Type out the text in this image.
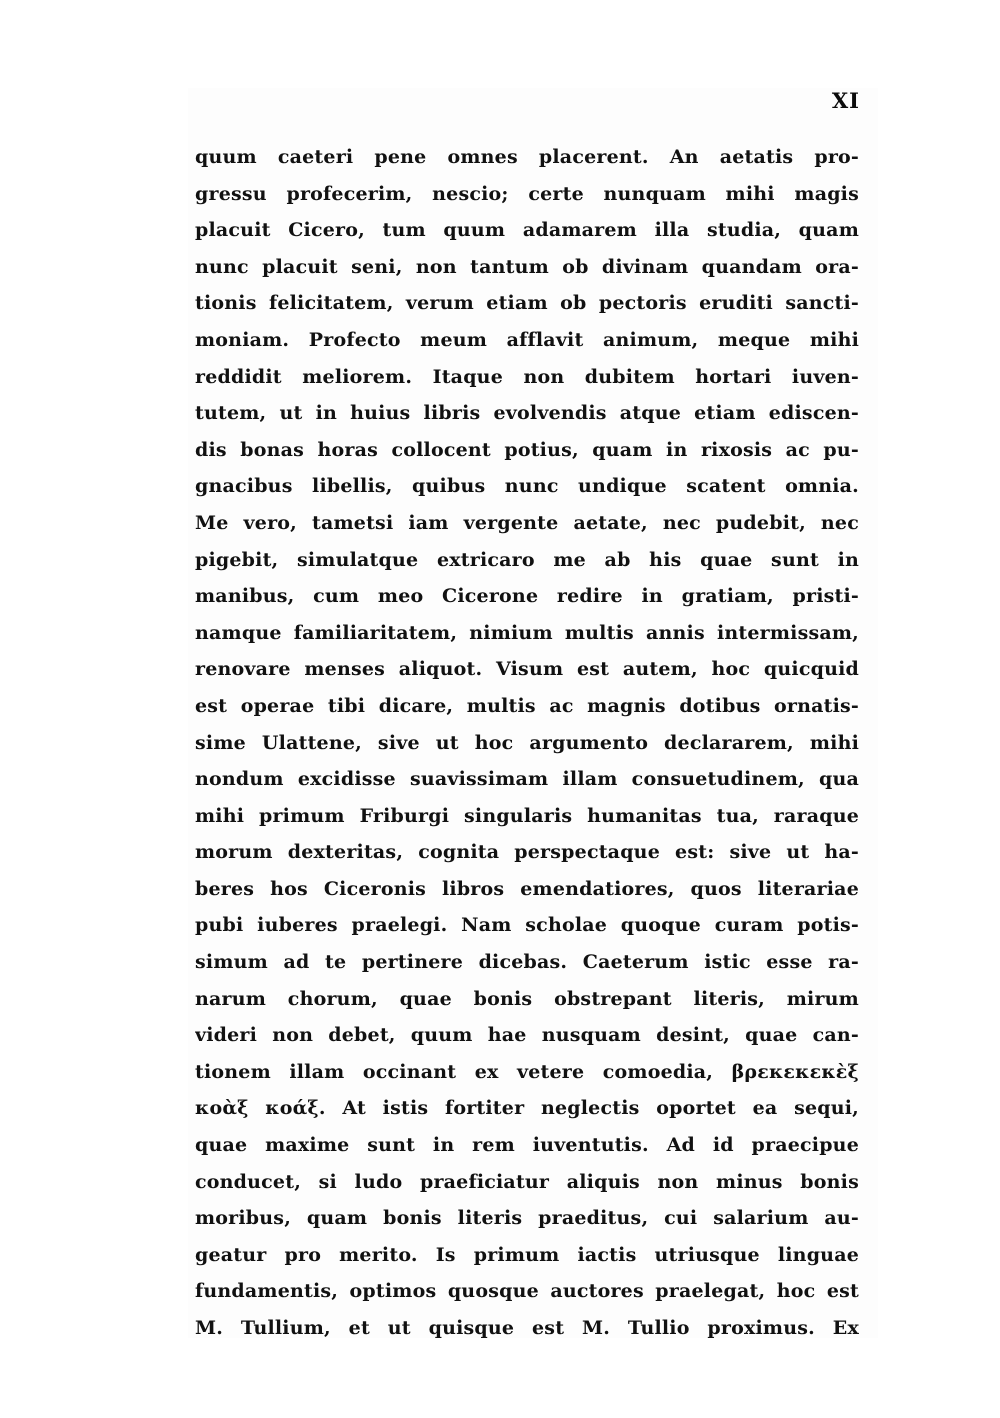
XI
quum caeteri pene omnes placerent. An aetatis pro-
gressu profecerim, nescio; certe nunquam mihi magis
placuit Cicero, tum quum adamarem illa studia, quam
nunc placuit seni, non tantum ob divinam quandam ora-
tionis felicitatem, verum etiam ob pectoris eruditi sancti-
moniam. Profecto meum afflavit animum, meque mihi
reddidit meliorem. Itaque non dubitem hortari iuven-
tutem, ut in huius libris evolvendis atque etiam ediscen-
dis bonas horas collocent potius, quam in rixosis ac pu-
gnacibus libellis, quibus nunc undique scatent omnia.
Me vero, tametsi iam vergente aetate, nec pudebit, nec
pigebit, simulatque extricaro me ab his quae sunt in
manibus, cum meo Cicerone redire in gratiam, pristi-
namque familiaritatem, nimium multis annis intermissam,
renovare menses aliquot. Visum est autem, hoc quicquid
est operae tibi dicare, multis ac magnis dotibus ornatis-
sime Ulattene, sive ut hoc argumento declararem, mihi
nondum excidisse suavissimam illam consuetudinem, qua
mihi primum Friburgi singularis humanitas tua, raraque
morum dexteritas, cognita perspectaque est: sive ut ha-
beres hos Ciceronis libros emendatiores, quos literariae
pubi iuberes praelegi. Nam scholae quoque curam potis-
simum ad te pertinere dicebas. Caeterum istic esse ra-
narum chorum, quae bonis obstrepant literis, mirum
videri non debet, quum hae nusquam desint, quae can-
tionem illam occinant ex vetere comoedia, βρεκεκεκὲξ
κοὰξ κοάξ. At istis fortiter neglectis oportet ea sequi,
quae maxime sunt in rem iuventutis. Ad id praecipue
conducet, si ludo praeficiatur aliquis non minus bonis
moribus, quam bonis literis praeditus, cui salarium au-
geatur pro merito. Is primum iactis utriusque linguae
fundamentis, optimos quosque auctores praelegat, hoc est
M. Tullium, et ut quisque est M. Tullio proximus. Ex
